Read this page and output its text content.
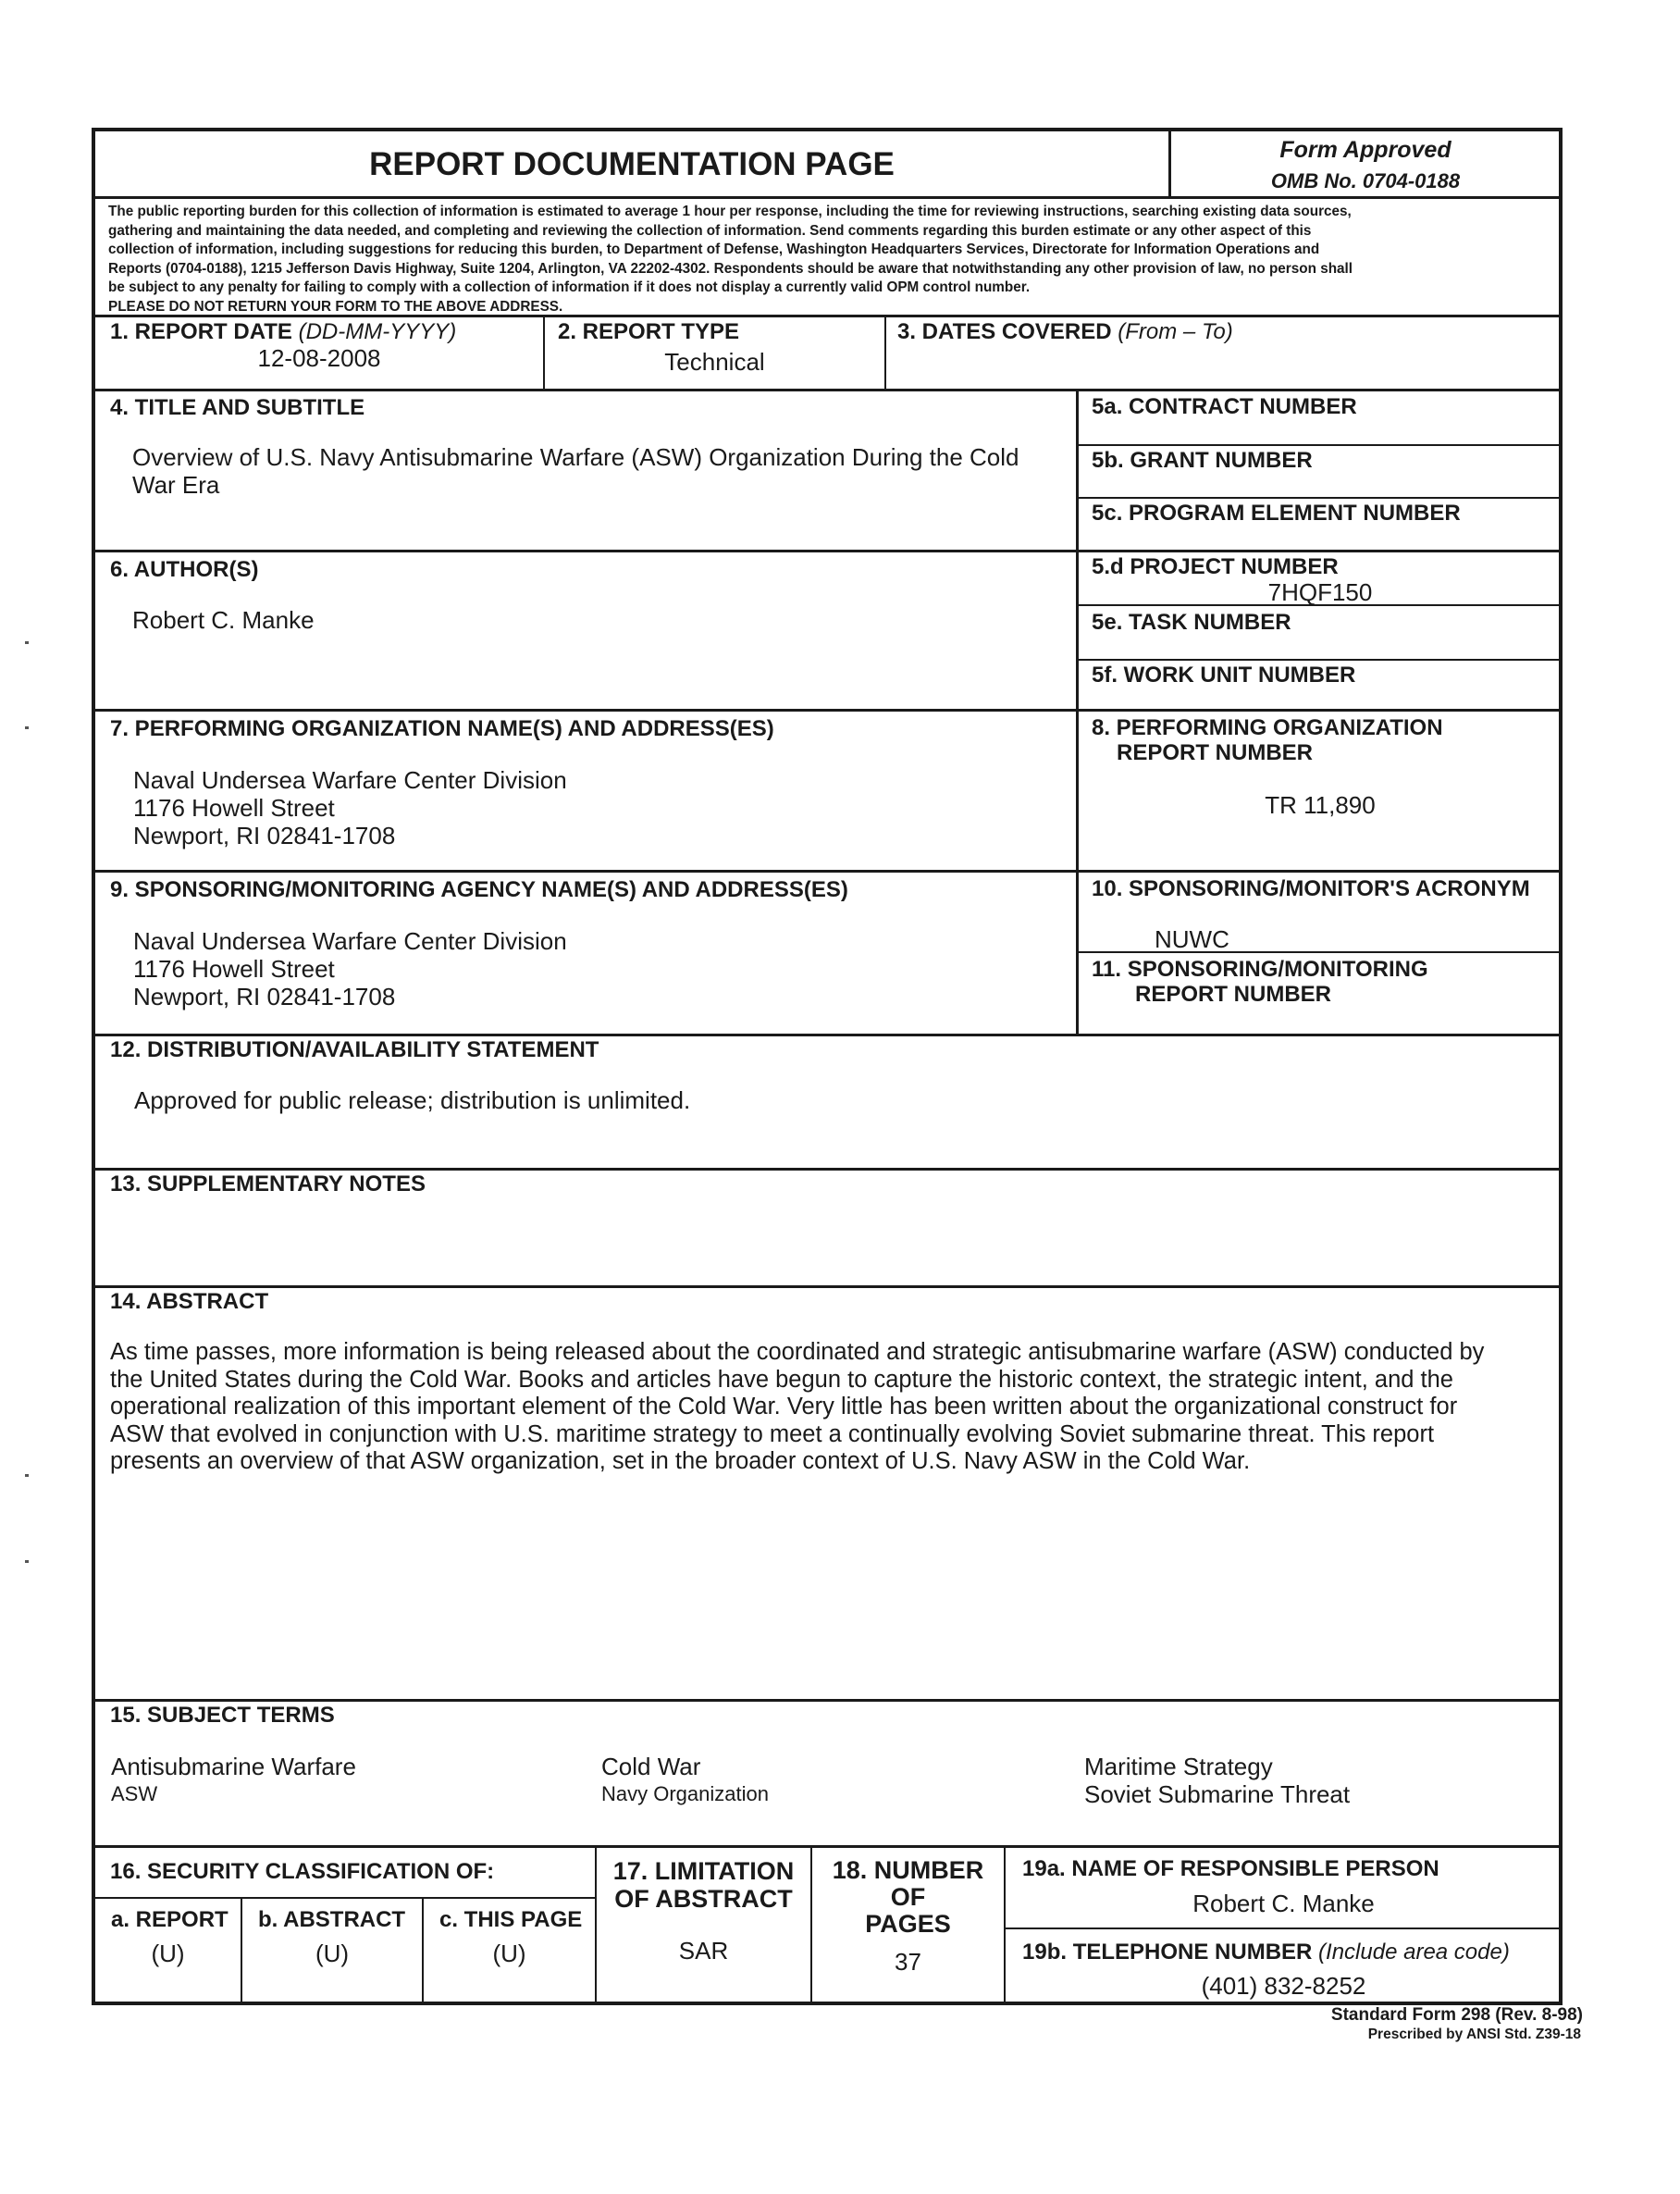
REPORT DOCUMENTATION PAGE	Form Approved
OMB No. 0704-0188
The public reporting burden for this collection of information is estimated to average 1 hour per response, including the time for reviewing instructions, searching existing data sources,
gathering and maintaining the data needed, and completing and reviewing the collection of information. Send comments regarding this burden estimate or any other aspect of this
collection of information, including suggestions for reducing this burden, to Department of Defense, Washington Headquarters Services, Directorate for Information Operations and
Reports (0704-0188), 1215 Jefferson Davis Highway, Suite 1204, Arlington, VA 22202-4302. Respondents should be aware that notwithstanding any other provision of law, no person shall
be subject to any penalty for failing to comply with a collection of information if it does not display a currently valid OPM control number.
PLEASE DO NOT RETURN YOUR FORM TO THE ABOVE ADDRESS.
1. REPORT DATE (DD-MM-YYYY)
12-08-2008
2. REPORT TYPE
Technical
3. DATES COVERED (From – To)
4. TITLE AND SUBTITLE
Overview of U.S. Navy Antisubmarine Warfare (ASW) Organization During the Cold
War Era
5a. CONTRACT NUMBER
5b. GRANT NUMBER
5c. PROGRAM ELEMENT NUMBER
6. AUTHOR(S)
Robert C. Manke
5.d PROJECT NUMBER
7HQF150
5e. TASK NUMBER
5f. WORK UNIT NUMBER
7. PERFORMING ORGANIZATION NAME(S) AND ADDRESS(ES)
Naval Undersea Warfare Center Division
1176 Howell Street
Newport, RI 02841-1708
8. PERFORMING ORGANIZATION
REPORT NUMBER
TR 11,890
9. SPONSORING/MONITORING AGENCY NAME(S) AND ADDRESS(ES)
Naval Undersea Warfare Center Division
1176 Howell Street
Newport, RI 02841-1708
10. SPONSORING/MONITOR'S ACRONYM
NUWC
11. SPONSORING/MONITORING
REPORT NUMBER
12. DISTRIBUTION/AVAILABILITY STATEMENT
Approved for public release; distribution is unlimited.
13. SUPPLEMENTARY NOTES
14. ABSTRACT
As time passes, more information is being released about the coordinated and strategic antisubmarine warfare (ASW) conducted by
the United States during the Cold War. Books and articles have begun to capture the historic context, the strategic intent, and the
operational realization of this important element of the Cold War. Very little has been written about the organizational construct for
ASW that evolved in conjunction with U.S. maritime strategy to meet a continually evolving Soviet submarine threat. This report
presents an overview of that ASW organization, set in the broader context of U.S. Navy ASW in the Cold War.
15. SUBJECT TERMS
Antisubmarine Warfare
ASW
Cold War
Navy Organization
Maritime Strategy
Soviet Submarine Threat
16. SECURITY CLASSIFICATION OF:
a. REPORT
(U)
b. ABSTRACT
(U)
c. THIS PAGE
(U)
17. LIMITATION
OF ABSTRACT
SAR
18. NUMBER
OF
PAGES
37
19a. NAME OF RESPONSIBLE PERSON
Robert C. Manke
19b. TELEPHONE NUMBER (Include area code)
(401) 832-8252
Standard Form 298 (Rev. 8-98)
Prescribed by ANSI Std. Z39-18
